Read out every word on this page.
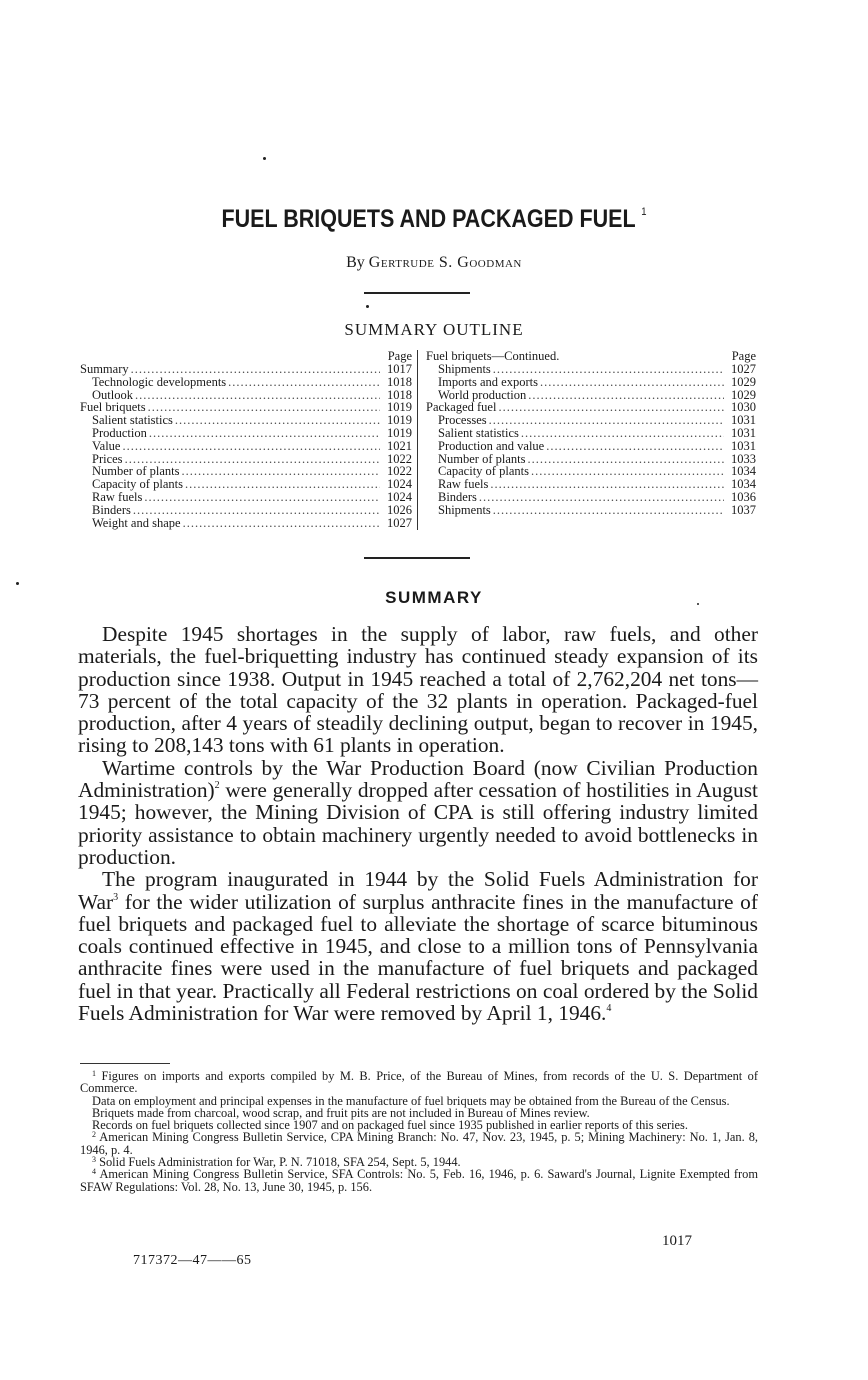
FUEL BRIQUETS AND PACKAGED FUEL $^1$
By Gertrude S. Goodman
SUMMARY OUTLINE
Page
Summary .....	1017
Technologic developments .....	1018
Outlook .....	1018
Fuel briquets .....	1019
Salient statistics .....	1019
Production .....	1019
Value .....	1021
Prices .....	1022
Number of plants .....	1022
Capacity of plants .....	1024
Raw fuels .....	1024
Binders .....	1026
Weight and shape .....	1027
Fuel briquets—Continued.	Page
Shipments .....	1027
Imports and exports .....	1029
World production .....	1029
Packaged fuel .....	1030
Processes .....	1031
Salient statistics .....	1031
Production and value .....	1031
Number of plants .....	1033
Capacity of plants .....	1034
Raw fuels .....	1034
Binders .....	1036
Shipments .....	1037
SUMMARY

Despite 1945 shortages in the supply of labor, raw fuels, and other materials, the fuel-briquetting industry has continued steady expansion of its production since 1938. Output in 1945 reached a total of 2,762,204 net tons—73 percent of the total capacity of the 32 plants in operation. Packaged-fuel production, after 4 years of steadily declining output, began to recover in 1945, rising to 208,143 tons with 61 plants in operation.

Wartime controls by the War Production Board (now Civilian Production Administration)$^2$ were generally dropped after cessation of hostilities in August 1945; however, the Mining Division of CPA is still offering industry limited priority assistance to obtain machinery urgently needed to avoid bottlenecks in production.

The program inaugurated in 1944 by the Solid Fuels Administration for War$^3$ for the wider utilization of surplus anthracite fines in the manufacture of fuel briquets and packaged fuel to alleviate the shortage of scarce bituminous coals continued effective in 1945, and close to a million tons of Pennsylvania anthracite fines were used in the manufacture of fuel briquets and packaged fuel in that year. Practically all Federal restrictions on coal ordered by the Solid Fuels Administration for War were removed by April 1, 1946.$^4$

$^1$ Figures on imports and exports compiled by M. B. Price, of the Bureau of Mines, from records of the U. S. Department of Commerce.

Data on employment and principal expenses in the manufacture of fuel briquets may be obtained from the Bureau of the Census.

Briquets made from charcoal, wood scrap, and fruit pits are not included in Bureau of Mines review.

Records on fuel briquets collected since 1907 and on packaged fuel since 1935 published in earlier reports of this series.

$^2$ American Mining Congress Bulletin Service, CPA Mining Branch: No. 47, Nov. 23, 1945, p. 5; Mining Machinery: No. 1, Jan. 8, 1946, p. 4.

$^3$ Solid Fuels Administration for War, P. N. 71018, SFA 254, Sept. 5, 1944.

$^4$ American Mining Congress Bulletin Service, SFA Controls: No. 5, Feb. 16, 1946, p. 6. Saward's Journal, Lignite Exempted from SFAW Regulations: Vol. 28, No. 13, June 30, 1945, p. 156.

1017
717372—47——65
